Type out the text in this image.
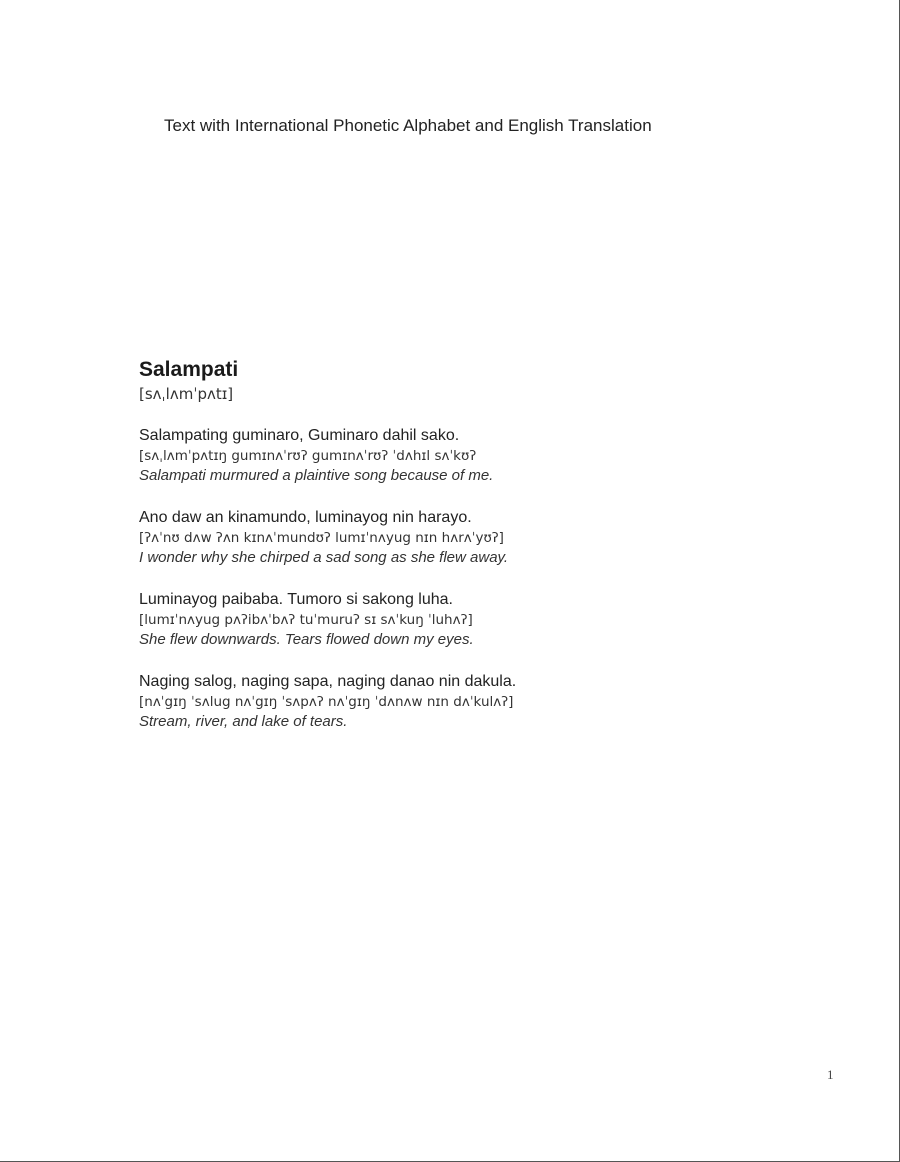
Text with International Phonetic Alphabet and English Translation
Salampati
[sʌˌlʌmˈpʌtɪ]
Salampating guminaro, Guminaro dahil sako.
[sʌˌlʌmˈpʌtɪŋ gumɪnʌˈrʊʔ gumɪnʌˈrʊʔ ˈdʌhɪl sʌˈkʊʔ
Salampati murmured a plaintive song because of me.
Ano daw an kinamundo, luminayog nin harayo.
[ʔʌˈnʊ dʌw ʔʌn kɪnʌˈmundʊʔ lumɪˈnʌyug nɪn hʌrʌˈyʊʔ]
I wonder why she chirped a sad song as she flew away.
Luminayog paibaba. Tumoro si sakong luha.
[lumɪˈnʌyug pʌʔibʌˈbʌʔ tuˈmuruʔ sɪ sʌˈkuŋ ˈluhʌʔ]
She flew downwards. Tears flowed down my eyes.
Naging salog, naging sapa, naging danao nin dakula.
[nʌˈgɪŋ ˈsʌlug nʌˈgɪŋ ˈsʌpʌʔ nʌˈgɪŋ ˈdʌnʌw nɪn dʌˈkulʌʔ]
Stream, river, and lake of tears.
1
